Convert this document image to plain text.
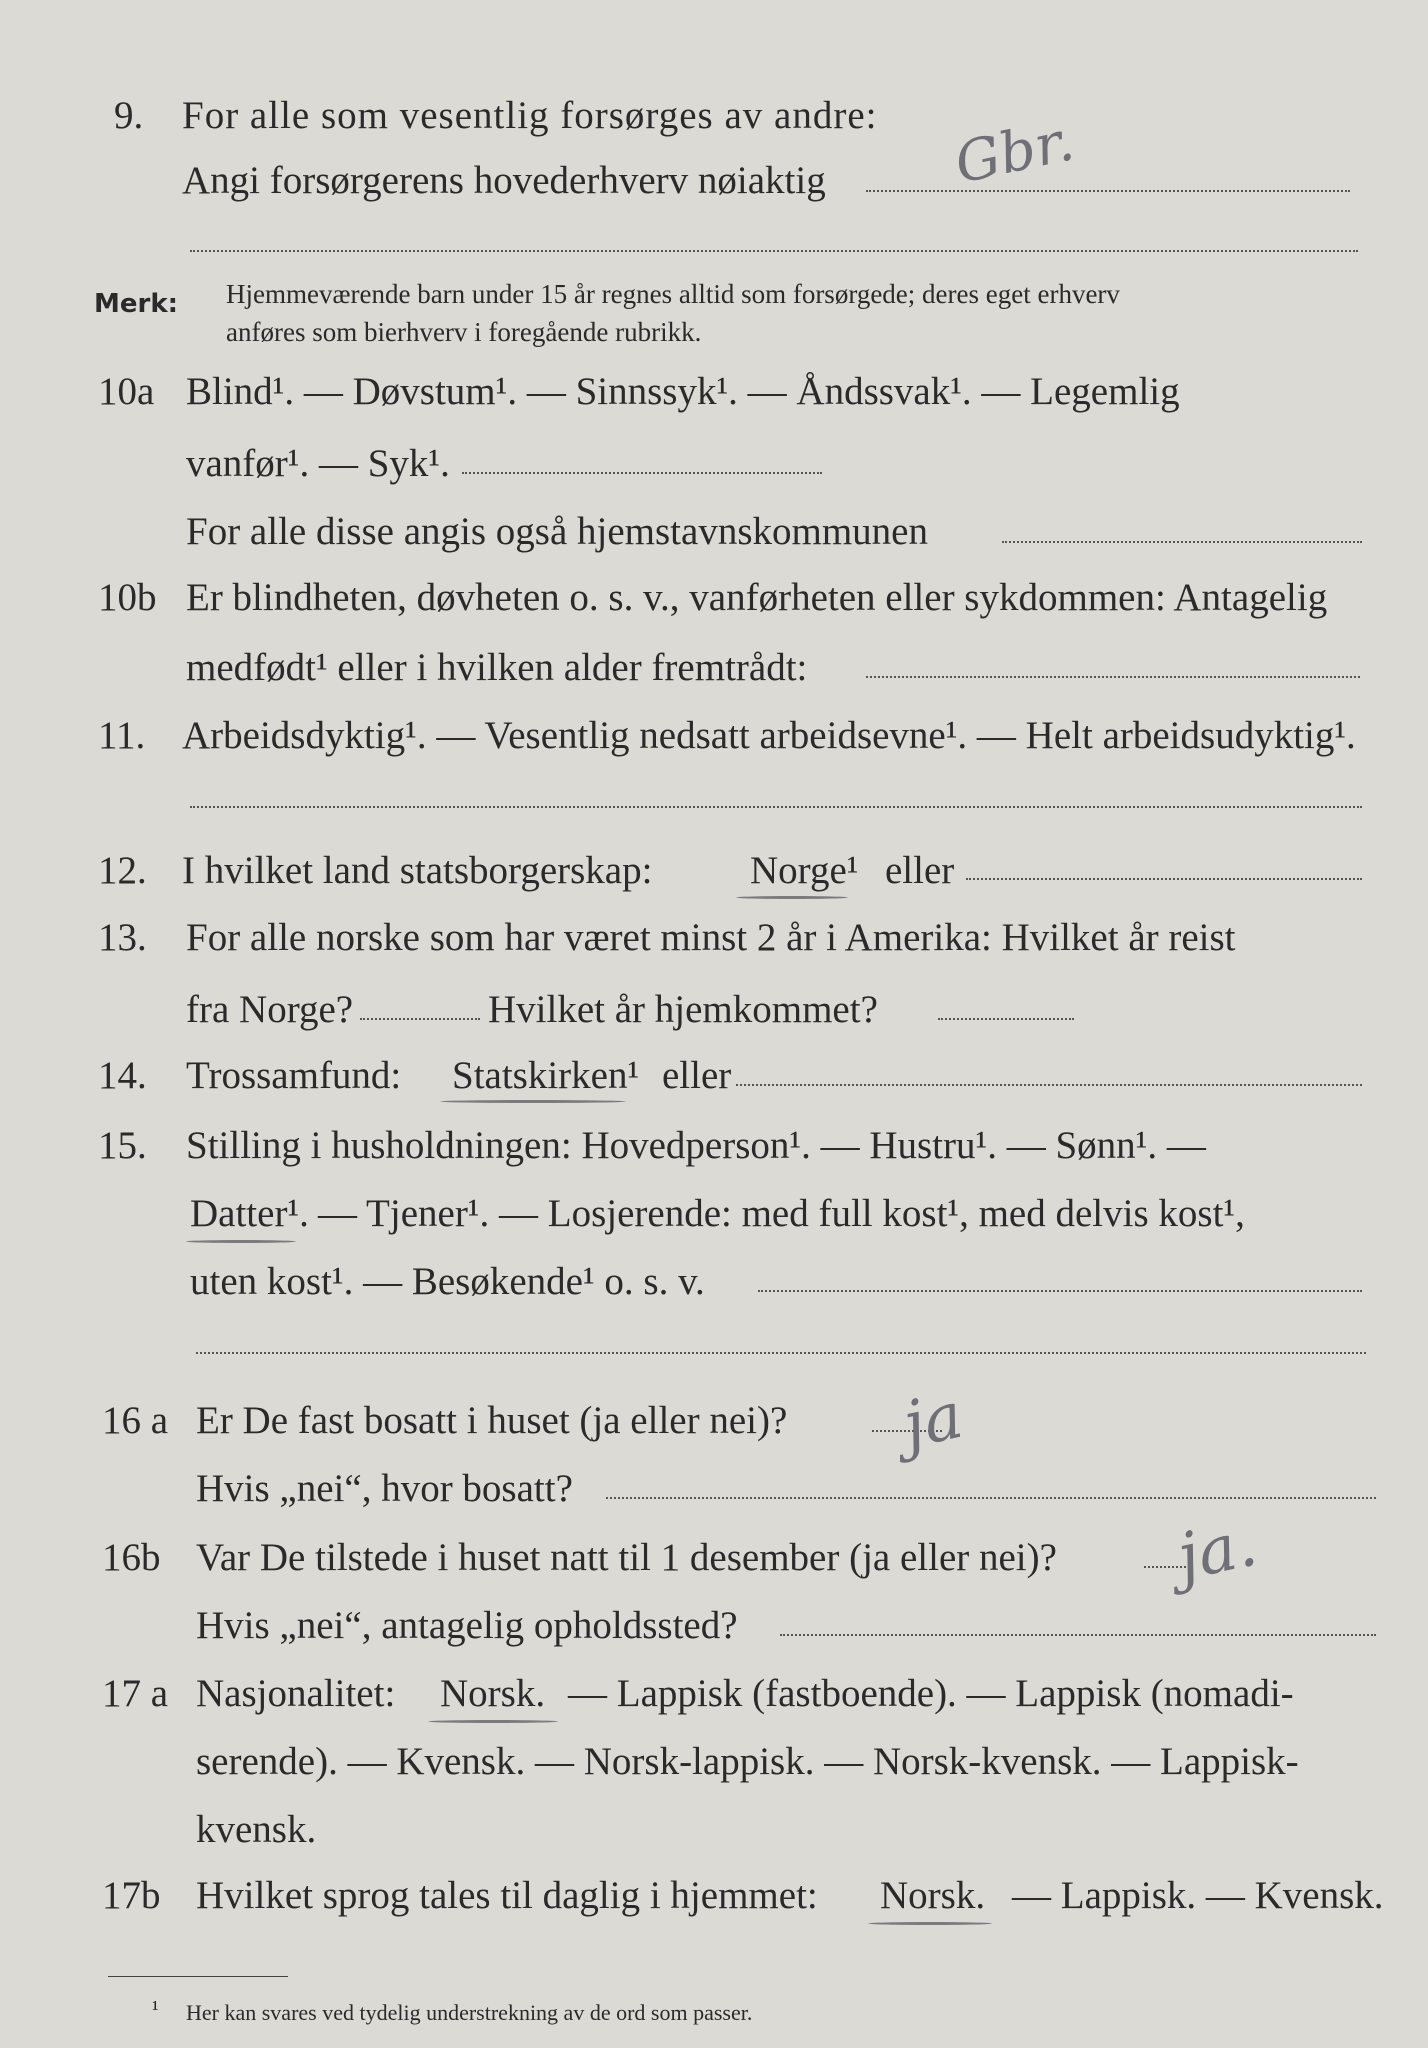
9. For alle som vesentlig forsørges av andre:
Angi forsørgerens hovederhverv nøiaktig Gbr.
Merk: Hjemmeværende barn under 15 år regnes alltid som forsørgede; deres eget erhverv
anføres som bierhverv i foregående rubrikk.
10a Blind¹. — Døvstum¹. — Sinnssyk¹. — Åndssvak¹. — Legemlig
vanfør¹. — Syk¹.
For alle disse angis også hjemstavnskommunen
10b Er blindheten, døvheten o. s. v., vanførheten eller sykdommen: Antagelig
medfødt¹ eller i hvilken alder fremtrådt:
11. Arbeidsdyktig¹. — Vesentlig nedsatt arbeidsevne¹. — Helt arbeidsudyktig¹.
12. I hvilket land statsborgerskap:	Norge¹ eller
13. For alle norske som har været minst 2 år i Amerika: Hvilket år reist
fra Norge?	Hvilket år hjemkommet?
14. Trossamfund: Statskirken¹ eller
15. Stilling i husholdningen: Hovedperson¹. — Hustru¹. — Sønn¹. —
Datter¹. — Tjener¹. — Losjerende: med full kost¹, med delvis kost¹,
uten kost¹. — Besøkende¹ o. s. v.
16 a Er De fast bosatt i huset (ja eller nei)? ja
Hvis „nei“, hvor bosatt?
16b Var De tilstede i huset natt til 1 desember (ja eller nei)? ja.
Hvis „nei“, antagelig opholdssted?
17 a Nasjonalitet: Norsk. — Lappisk (fastboende). — Lappisk (nomadi-
serende). — Kvensk. — Norsk-lappisk. — Norsk-kvensk. — Lappisk-
kvensk.
17b Hvilket sprog tales til daglig i hjemmet: Norsk. — Lappisk. — Kvensk.
¹ Her kan svares ved tydelig understrekning av de ord som passer.
